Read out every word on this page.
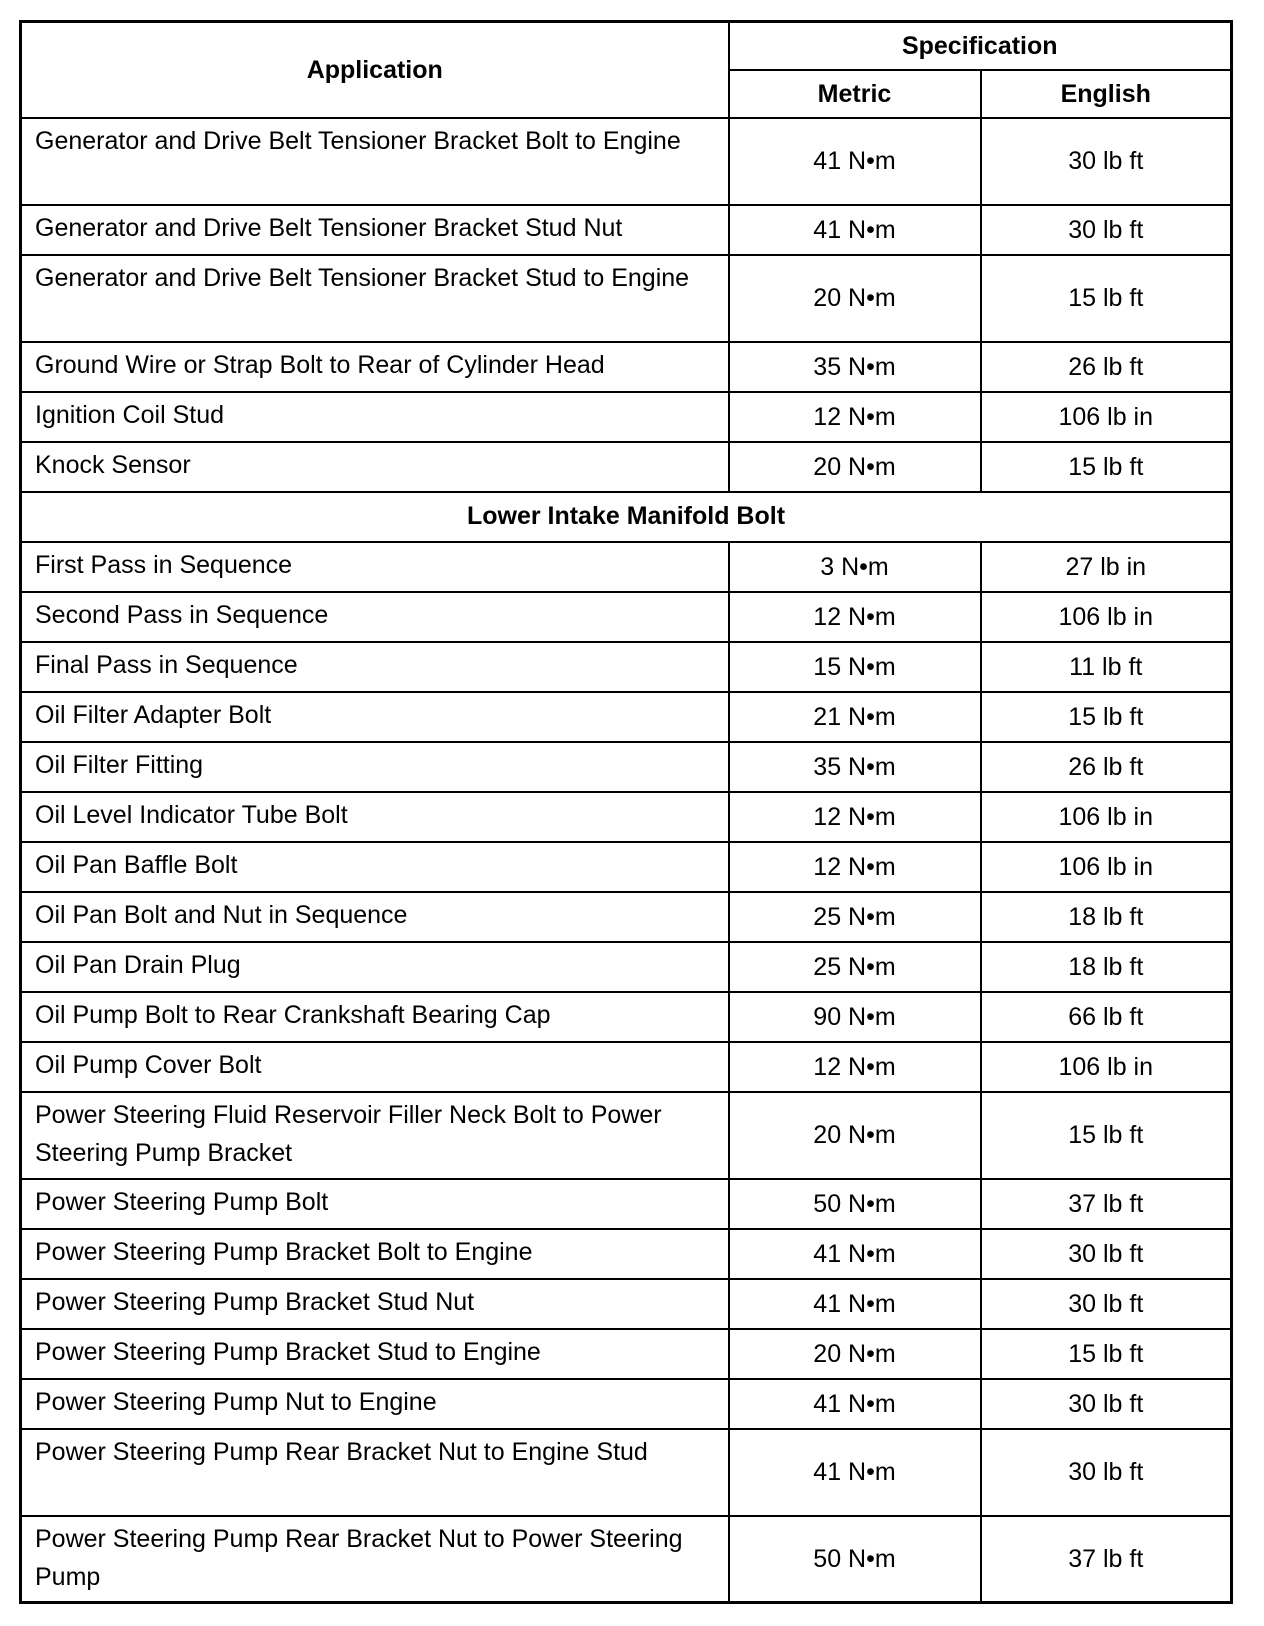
Application	Specification	
	Metric	English
Generator and Drive Belt Tensioner Bracket Bolt to Engine	41 N•m	30 lb ft
Generator and Drive Belt Tensioner Bracket Stud Nut	41 N•m	30 lb ft
Generator and Drive Belt Tensioner Bracket Stud to Engine	20 N•m	15 lb ft
Ground Wire or Strap Bolt to Rear of Cylinder Head	35 N•m	26 lb ft
Ignition Coil Stud	12 N•m	106 lb in
Knock Sensor	20 N•m	15 lb ft
Lower Intake Manifold Bolt		
First Pass in Sequence	3 N•m	27 lb in
Second Pass in Sequence	12 N•m	106 lb in
Final Pass in Sequence	15 N•m	11 lb ft
Oil Filter Adapter Bolt	21 N•m	15 lb ft
Oil Filter Fitting	35 N•m	26 lb ft
Oil Level Indicator Tube Bolt	12 N•m	106 lb in
Oil Pan Baffle Bolt	12 N•m	106 lb in
Oil Pan Bolt and Nut in Sequence	25 N•m	18 lb ft
Oil Pan Drain Plug	25 N•m	18 lb ft
Oil Pump Bolt to Rear Crankshaft Bearing Cap	90 N•m	66 lb ft
Oil Pump Cover Bolt	12 N•m	106 lb in
Power Steering Fluid Reservoir Filler Neck Bolt to Power Steering Pump Bracket	20 N•m	15 lb ft
Power Steering Pump Bolt	50 N•m	37 lb ft
Power Steering Pump Bracket Bolt to Engine	41 N•m	30 lb ft
Power Steering Pump Bracket Stud Nut	41 N•m	30 lb ft
Power Steering Pump Bracket Stud to Engine	20 N•m	15 lb ft
Power Steering Pump Nut to Engine	41 N•m	30 lb ft
Power Steering Pump Rear Bracket Nut to Engine Stud	41 N•m	30 lb ft
Power Steering Pump Rear Bracket Nut to Power Steering Pump	50 N•m	37 lb ft
